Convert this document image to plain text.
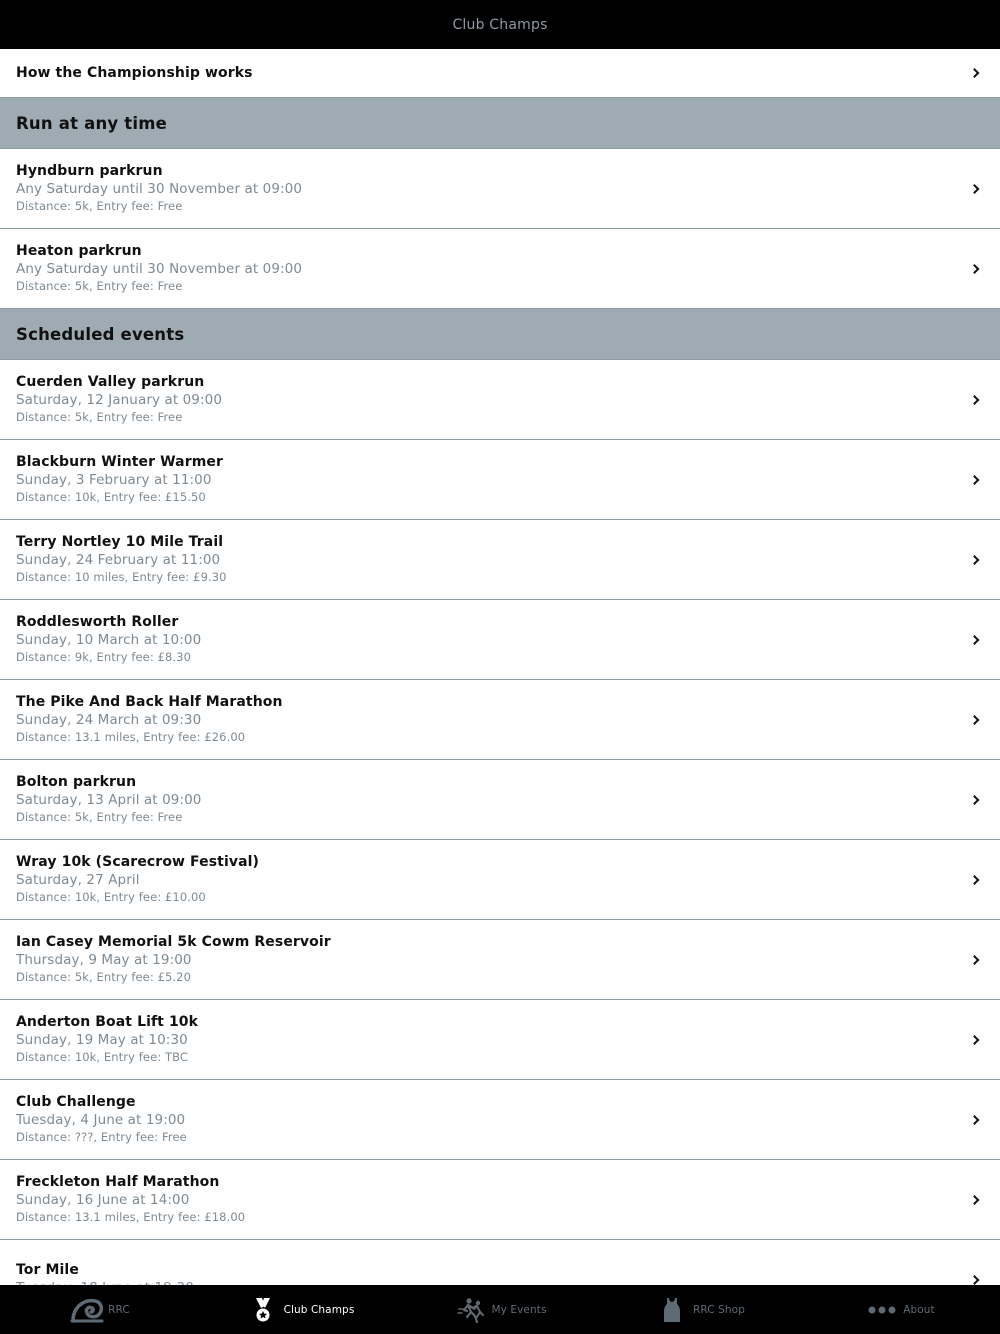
Club Champs
How the Championship works
Run at any time
Hyndburn parkrun
Any Saturday until 30 November at 09:00
Distance: 5k, Entry fee: Free
Heaton parkrun
Any Saturday until 30 November at 09:00
Distance: 5k, Entry fee: Free
Scheduled events
Cuerden Valley parkrun
Saturday, 12 January at 09:00
Distance: 5k, Entry fee: Free
Blackburn Winter Warmer
Sunday, 3 February at 11:00
Distance: 10k, Entry fee: £15.50
Terry Nortley 10 Mile Trail
Sunday, 24 February at 11:00
Distance: 10 miles, Entry fee: £9.30
Roddlesworth Roller
Sunday, 10 March at 10:00
Distance: 9k, Entry fee: £8.30
The Pike And Back Half Marathon
Sunday, 24 March at 09:30
Distance: 13.1 miles, Entry fee: £26.00
Bolton parkrun
Saturday, 13 April at 09:00
Distance: 5k, Entry fee: Free
Wray 10k (Scarecrow Festival)
Saturday, 27 April
Distance: 10k, Entry fee: £10.00
Ian Casey Memorial 5k Cowm Reservoir
Thursday, 9 May at 19:00
Distance: 5k, Entry fee: £5.20
Anderton Boat Lift 10k
Sunday, 19 May at 10:30
Distance: 10k, Entry fee: TBC
Club Challenge
Tuesday, 4 June at 19:00
Distance: ???, Entry fee: Free
Freckleton Half Marathon
Sunday, 16 June at 14:00
Distance: 13.1 miles, Entry fee: £18.00
Tor Mile
RRC	Club Champs	My Events	RRC Shop	About
